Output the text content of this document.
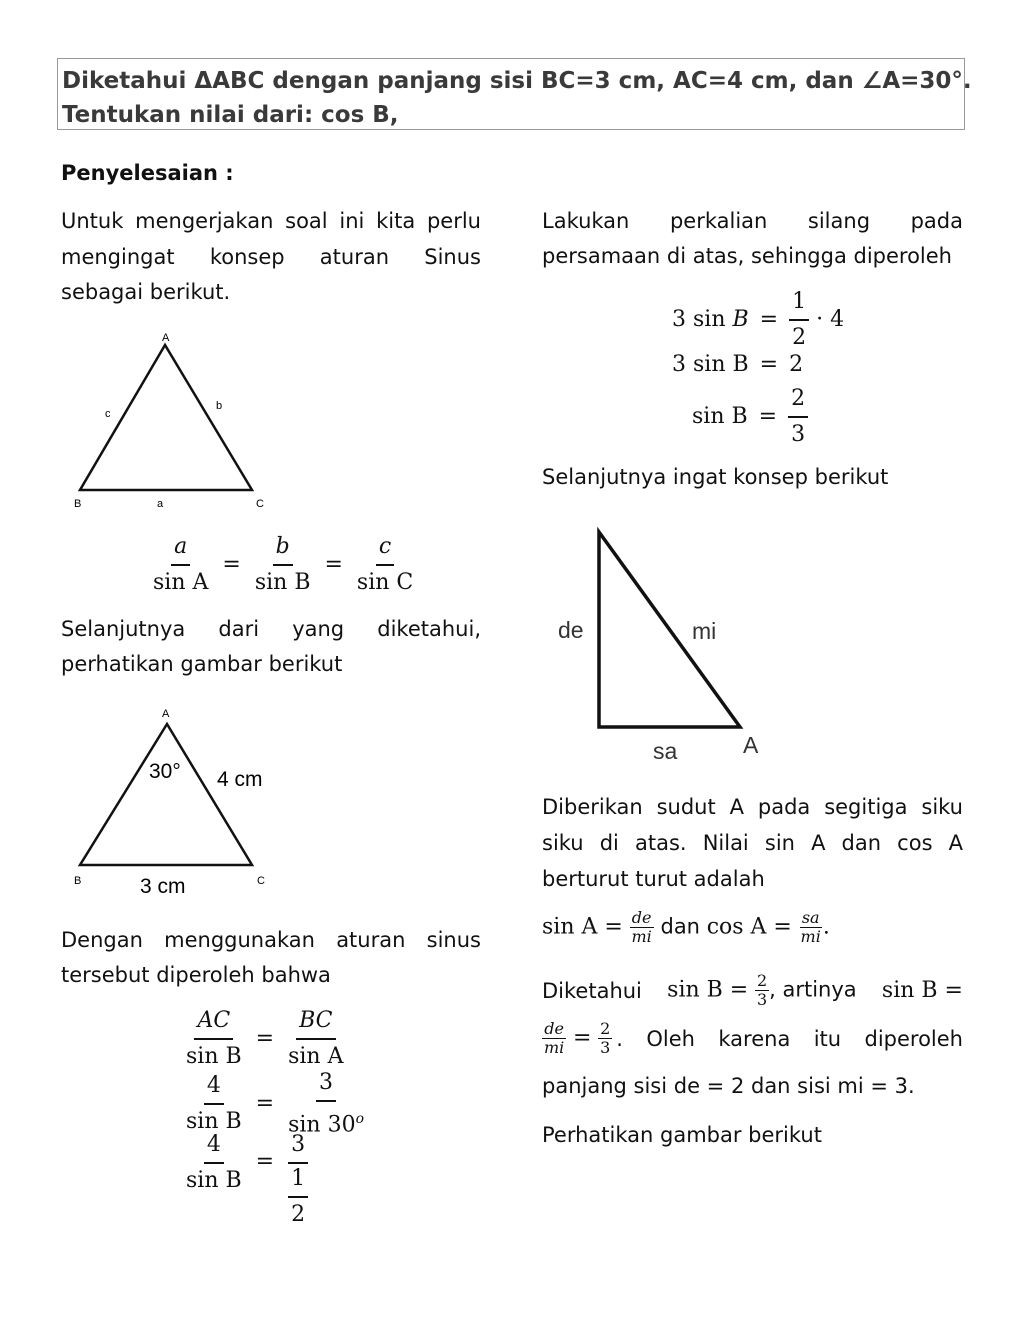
Diketahui ΔABC dengan panjang sisi BC=3 cm, AC=4 cm, dan ∠A=30°.
Tentukan nilai dari: cos B,
Penyelesaian :
Untuk mengerjakan soal ini kita perlu mengingat konsep aturan Sinus sebagai berikut.
A
B	C
a
b
c
$\frac{a}{\text{sin A}} = \frac{b}{\text{sin B}} = \frac{c}{\text{sin C}}$
Selanjutnya dari yang diketahui,
perhatikan gambar berikut
A
B	C
30° 4 cm
3 cm
Dengan menggunakan aturan sinus
tersebut diperoleh bahwa
$\frac{AC}{\text{sin B}} = \frac{BC}{\text{sin A}}$
$\frac{4}{\text{sin B}} = \frac{3}{\sin 30^o}$
$\frac{4}{\text{sin B}} = \frac{3}{\frac{1}{2}}$
Lakukan perkalian silang pada
persamaan di atas, sehingga diperoleh
3 $\sin B = \frac{1}{2} \cdot 4$
3 sin B = 2
$\sin B = \frac{2}{3}$
Selanjutnya ingat konsep berikut
de	mi
sa	A
Diberikan sudut A pada segitiga siku
siku di atas. Nilai sin A dan cos A
berturut turut adalah
$\sin A = \frac{de}{mi}$ dan $\cos A = \frac{sa}{mi}$ .
Diketahui $\sin B = \frac{2}{3}$ , artinya sin B =
$\frac{de}{mi} = \frac{2}{3}$ . Oleh karena itu diperoleh
panjang sisi de = 2 dan sisi mi = 3.
Perhatikan gambar berikut
